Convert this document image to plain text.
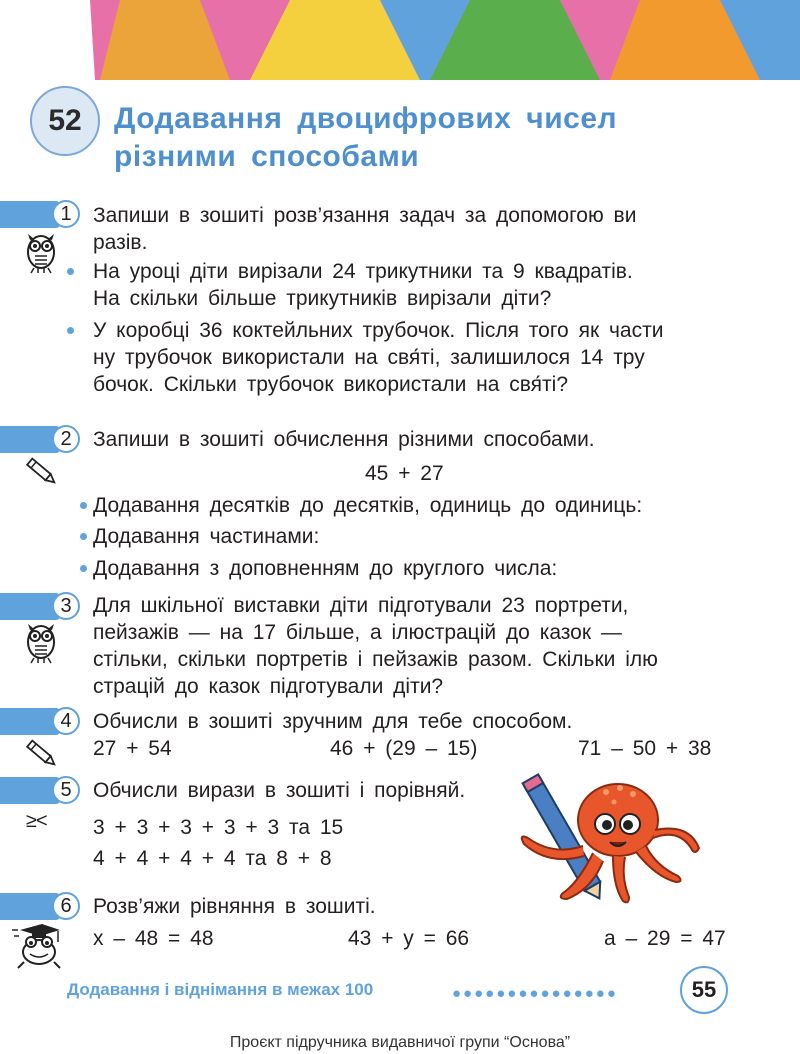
52	Додавання двоцифрових чисел
різними способами
1	Запиши в зошиті розв’язання задач за допомогою ви
разів.
На уроці діти вирізали 24 трикутники та 9 квадратів.
На скільки більше трикутників вирізали діти?
У коробці 36 коктейльних трубочок. Після того як части
ну трубочок використали на свя́ті, залишилося 14 тру
бочок. Скільки трубочок використали на свя́ті?
2	Запиши в зошиті обчислення різними способами.
45 + 27
Додавання десятків до десятків, одиниць до одиниць:
Додавання частинами:
Додавання з доповненням до круглого числа:
3	Для шкільної виставки діти підготували 23 портрети,
пейзажів — на 17 більше, а ілюстрацій до казок —
стільки, скільки портретів і пейзажів разом. Скільки ілю
страцій до казок підготували діти?
4	Обчисли в зошиті зручним для тебе способом.
27 + 54	46 + (29 – 15)	71 – 50 + 38
5
≥<
Обчисли вирази в зошиті і порівняй.
3 + 3 + 3 + 3 + 3 та 15
4 + 4 + 4 + 4 та 8 + 8
6	Розв’яжи рівняння в зошиті.
x – 48 = 48	43 + y = 66	a – 29 = 47
Додавання і віднімання в межах 100	●●●●●●●●●●●●●●●	55
Проєкт підручника видавничої групи “Основа”
